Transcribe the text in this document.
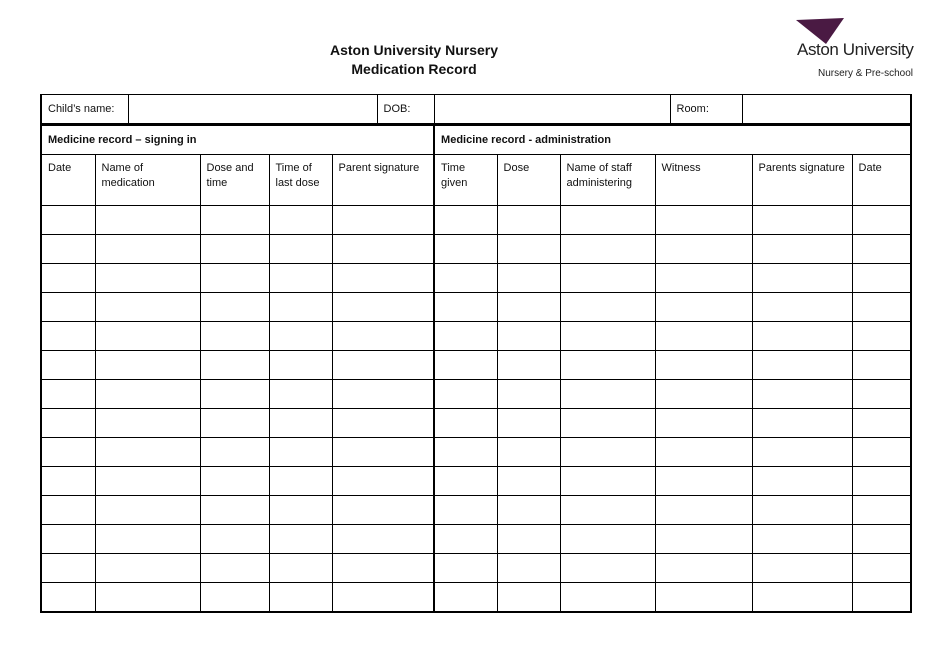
Aston University Nursery
Medication Record
Aston University
Nursery & Pre-school
Child’s name:		DOB:		Room:	
Medicine record – signing in					Medicine record - administration					
Date	Name of medication	Dose and time	Time of last dose	Parent signature	Time given	Dose	Name of staff administering	Witness	Parents signature	Date
